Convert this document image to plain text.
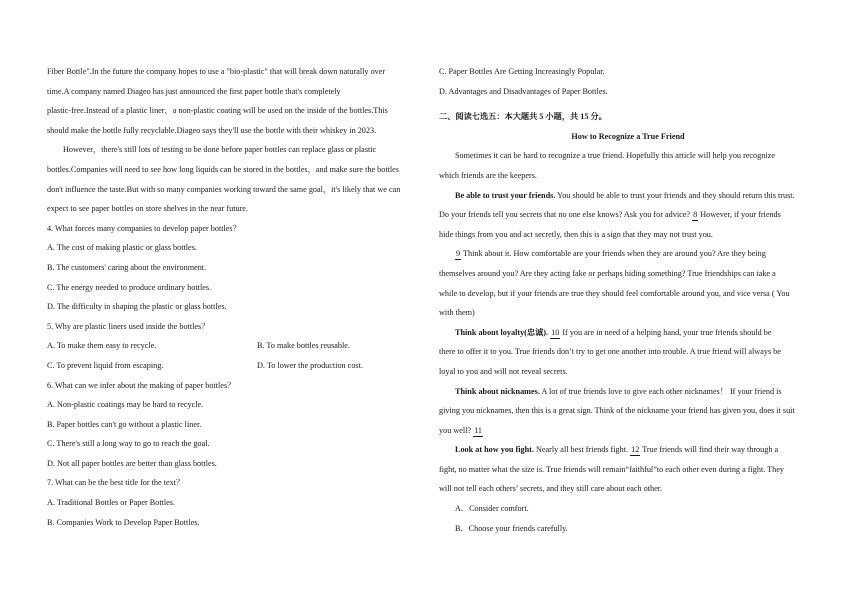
Fiber Bottle".In the future the company hopes to use a "bio-plastic" that will break down naturally over
time.A company named Diageo has just announced the first paper bottle that's completely
plastic-free.Instead of a plastic liner，a non-plastic coating will be used on the inside of the bottles.This
should make the bottle fully recyclable.Diageo says they'll use the bottle with their whiskey in 2023.
However，there's still lots of testing to be done before paper bottles can replace glass or plastic
bottles.Companies will need to see how long liquids can be stored in the bottles，and make sure the bottles
don't influence the taste.But with so many companies working toward the same goal，it's likely that we can
expect to see paper bottles on store shelves in the near future.
4. What forces many companies to develop paper bottles？
A. The cost of making plastic or glass bottles.
B. The customers' caring about the environment.
C. The energy needed to produce ordinary bottles.
D. The difficulty in shaping the plastic or glass bottles.
5. Why are plastic liners used inside the bottles？
A. To make them easy to recycle.	B. To make bottles reusable.
C. To prevent liquid from escaping.	D. To lower the production cost.
6. What can we infer about the making of paper bottles？
A. Non-plastic coatings may be hard to recycle.
B. Paper bottles can't go without a plastic liner.
C. There's still a long way to go to reach the goal.
D. Not all paper bottles are better than glass bottles.
7. What can be the best title for the text？
A. Traditional Bottles or Paper Bottles.
B. Companies Work to Develop Paper Bottles.
C. Paper Bottles Are Getting Increasingly Popular.
D. Advantages and Disadvantages of Paper Bottles.
二、阅读七选五：本大题共 5 小题，共 15 分。
How to Recognize a True Friend
Sometimes it can be hard to recognize a true friend. Hopefully this article will help you recognize
which friends are the keepers.
Be able to trust your friends. You should be able to trust your friends and they should return this trust.
Do your friends tell you secrets that no one else knows? Ask you for advice? 8 However, if your friends
hide things from you and act secretly, then this is a sign that they may not trust you.
9 Think about it. How comfortable are your friends when they are around you? Are they being
themselves around you? Are they acting fake or perhaps hiding something? True friendships can take a
while to develop, but if your friends are true they should feel comfortable around you, and vice versa ( You
with them)
Think about loyalty(忠诚). 10 If you are in need of a helping hand, your true friends should be
there to offer it to you. True friends don’t try to get one another into trouble. A true friend will always be
loyal to you and will not reveal secrets.
Think about nicknames. A lot of true friends love to give each other nicknames！ If your friend is
giving you nicknames, then this is a great sign. Think of the nickname your friend has given you, does it suit
you well? 11
Look at how you fight. Nearly all best friends fight. 12 True friends will find their way through a
fight, no matter what the size is. True friends will remain“faithful”to each other even during a fight. They
will not tell each others’ secrets, and they still care about each other.
A．Consider comfort.
B．Choose your friends carefully.
